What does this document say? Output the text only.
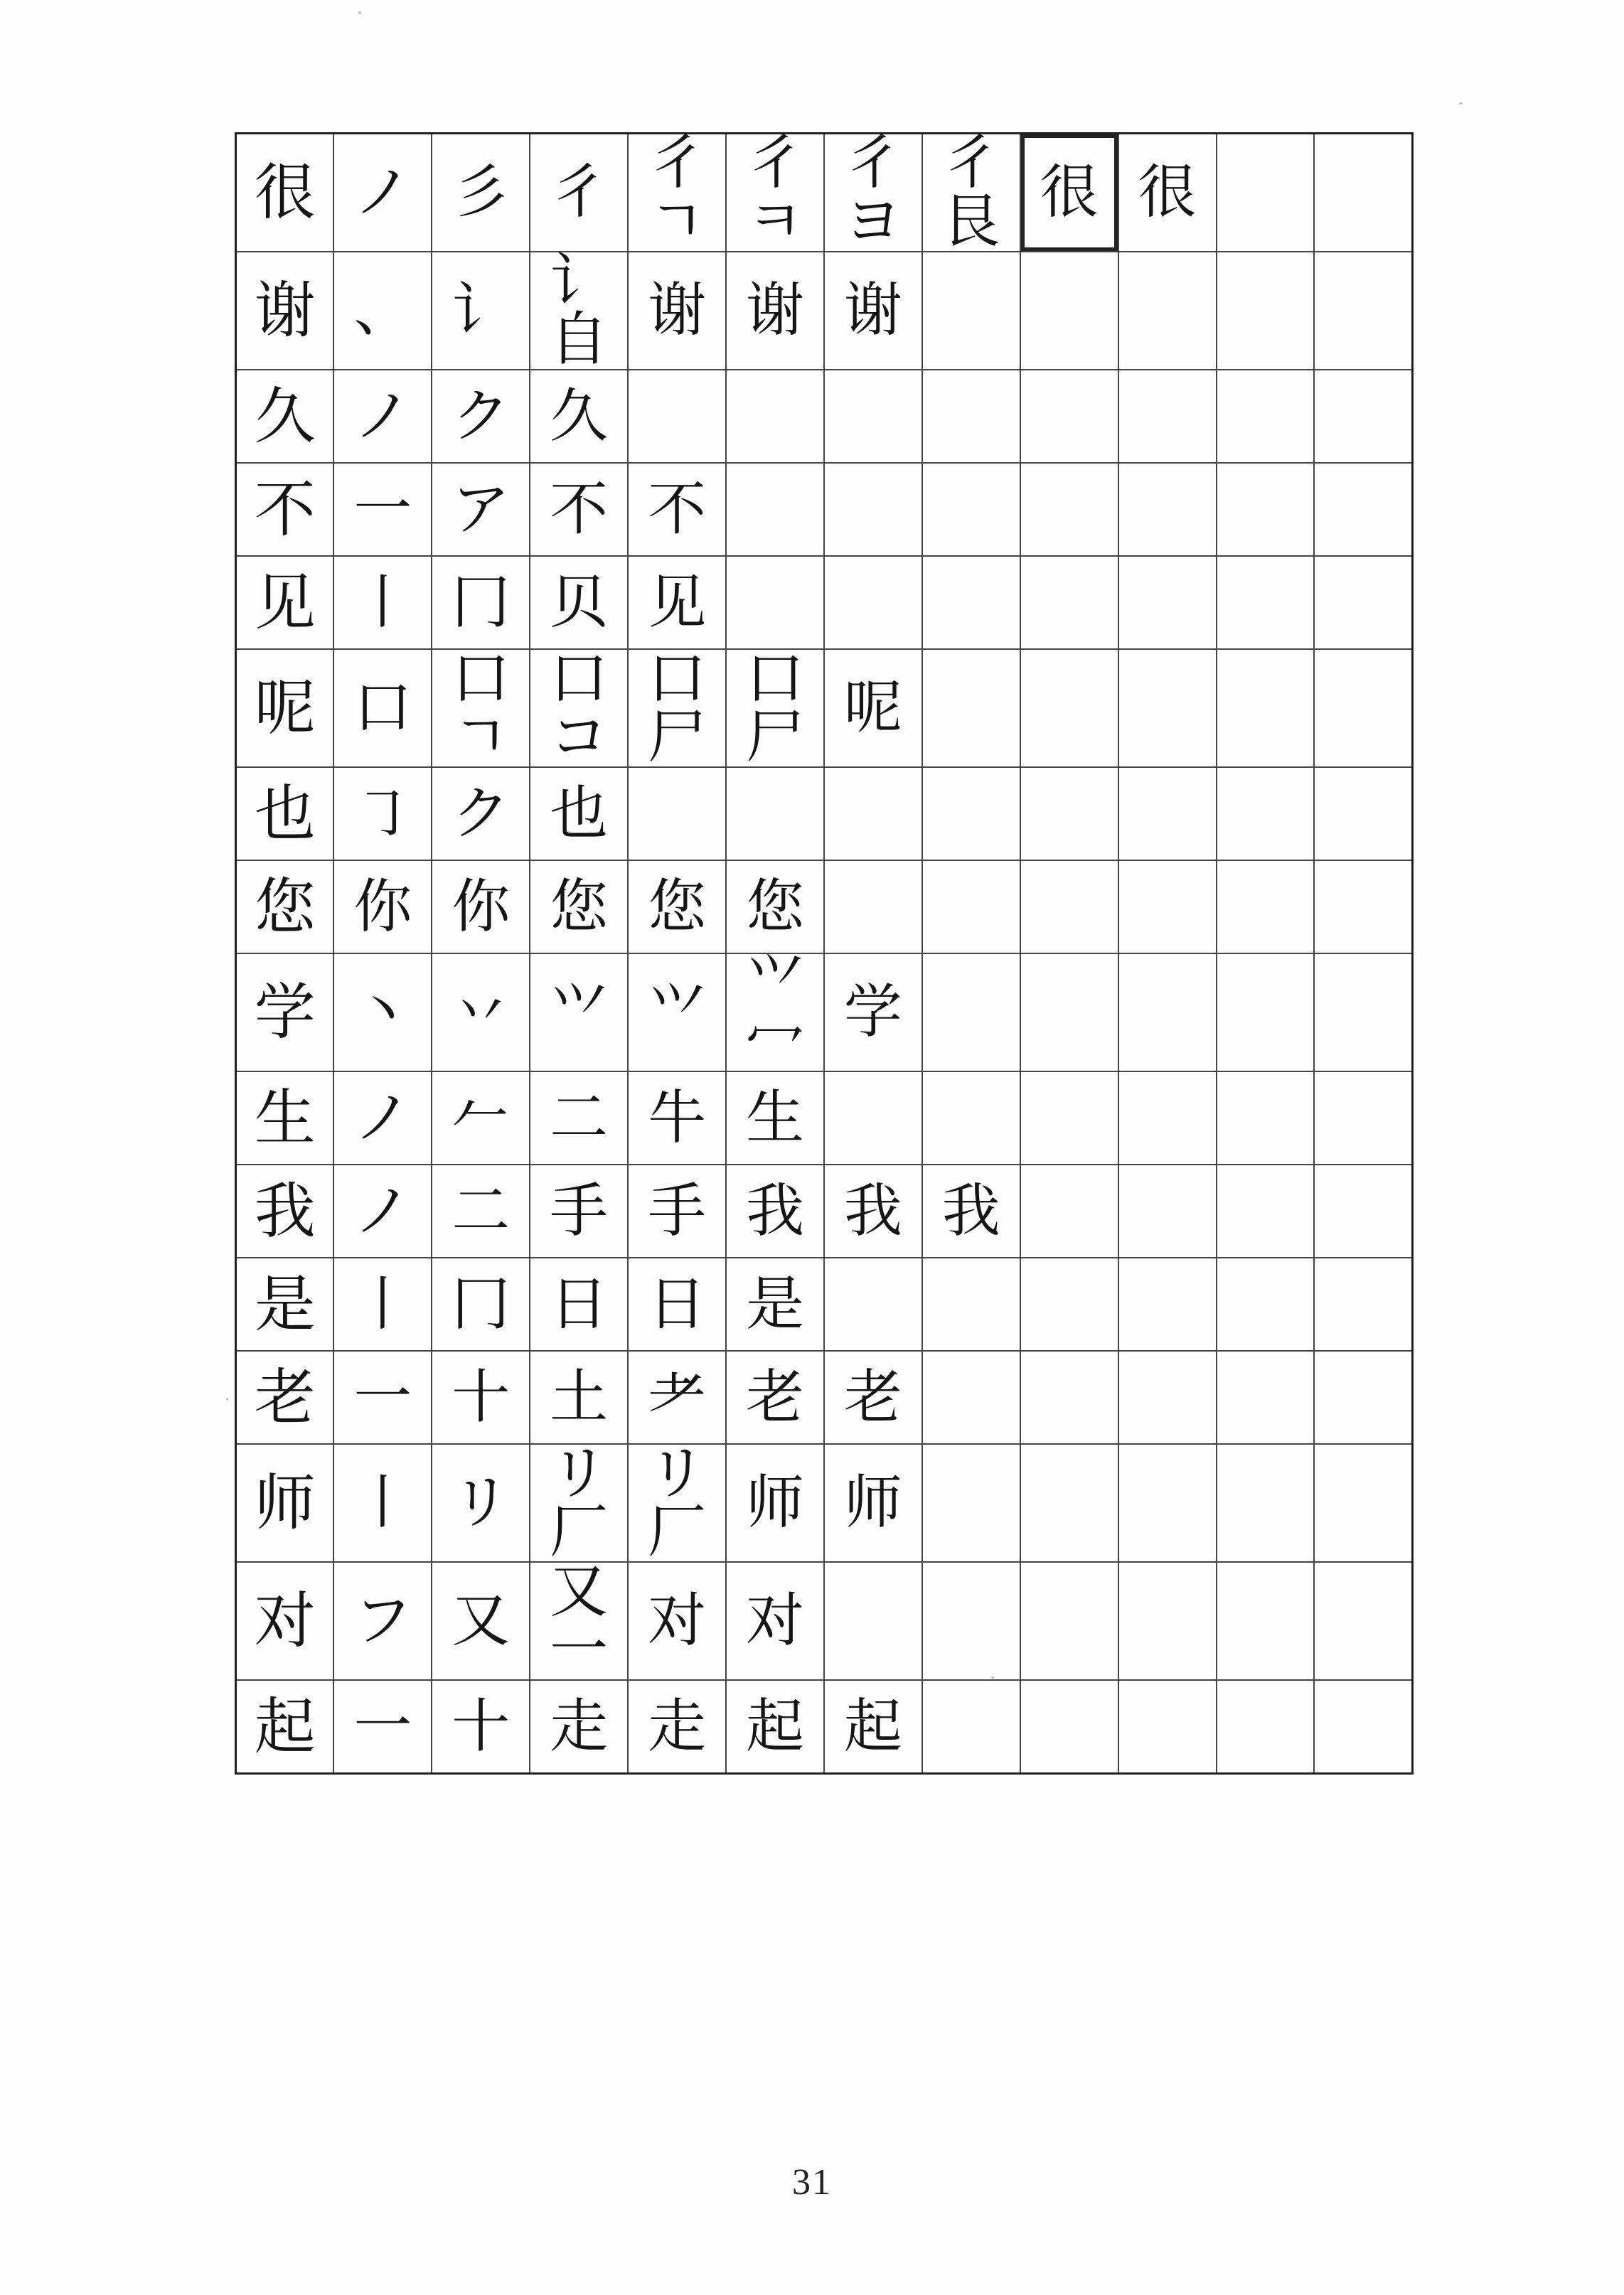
很	ノ	彡	彳	彳ㄱ	彳ㅋ	彳ヨ	彳艮	很	很		
谢	、	讠	讠自	谢	谢	谢					
久	ノ	ク	久								
不	一	ア	不	不							
见	丨	冂	贝	见							
呢	口	口ㄱ	口コ	口尸	口尸	呢					
也	㇆	ク	也								
您	你	你	您	您	您						
学	丶	丷	⺍	⺍	⺍冖	学					
生	ノ	𠂉	二	牛	生						
我	ノ	二	手	手	我	我	我				
是	丨	冂	日	日	是						
老	一	十	土	耂	老	老					
师	丨	リ	リ厂	リ厂	师	师					
对	フ	又	又一	对	对						
起	一	十	走	走	起	起					
31
